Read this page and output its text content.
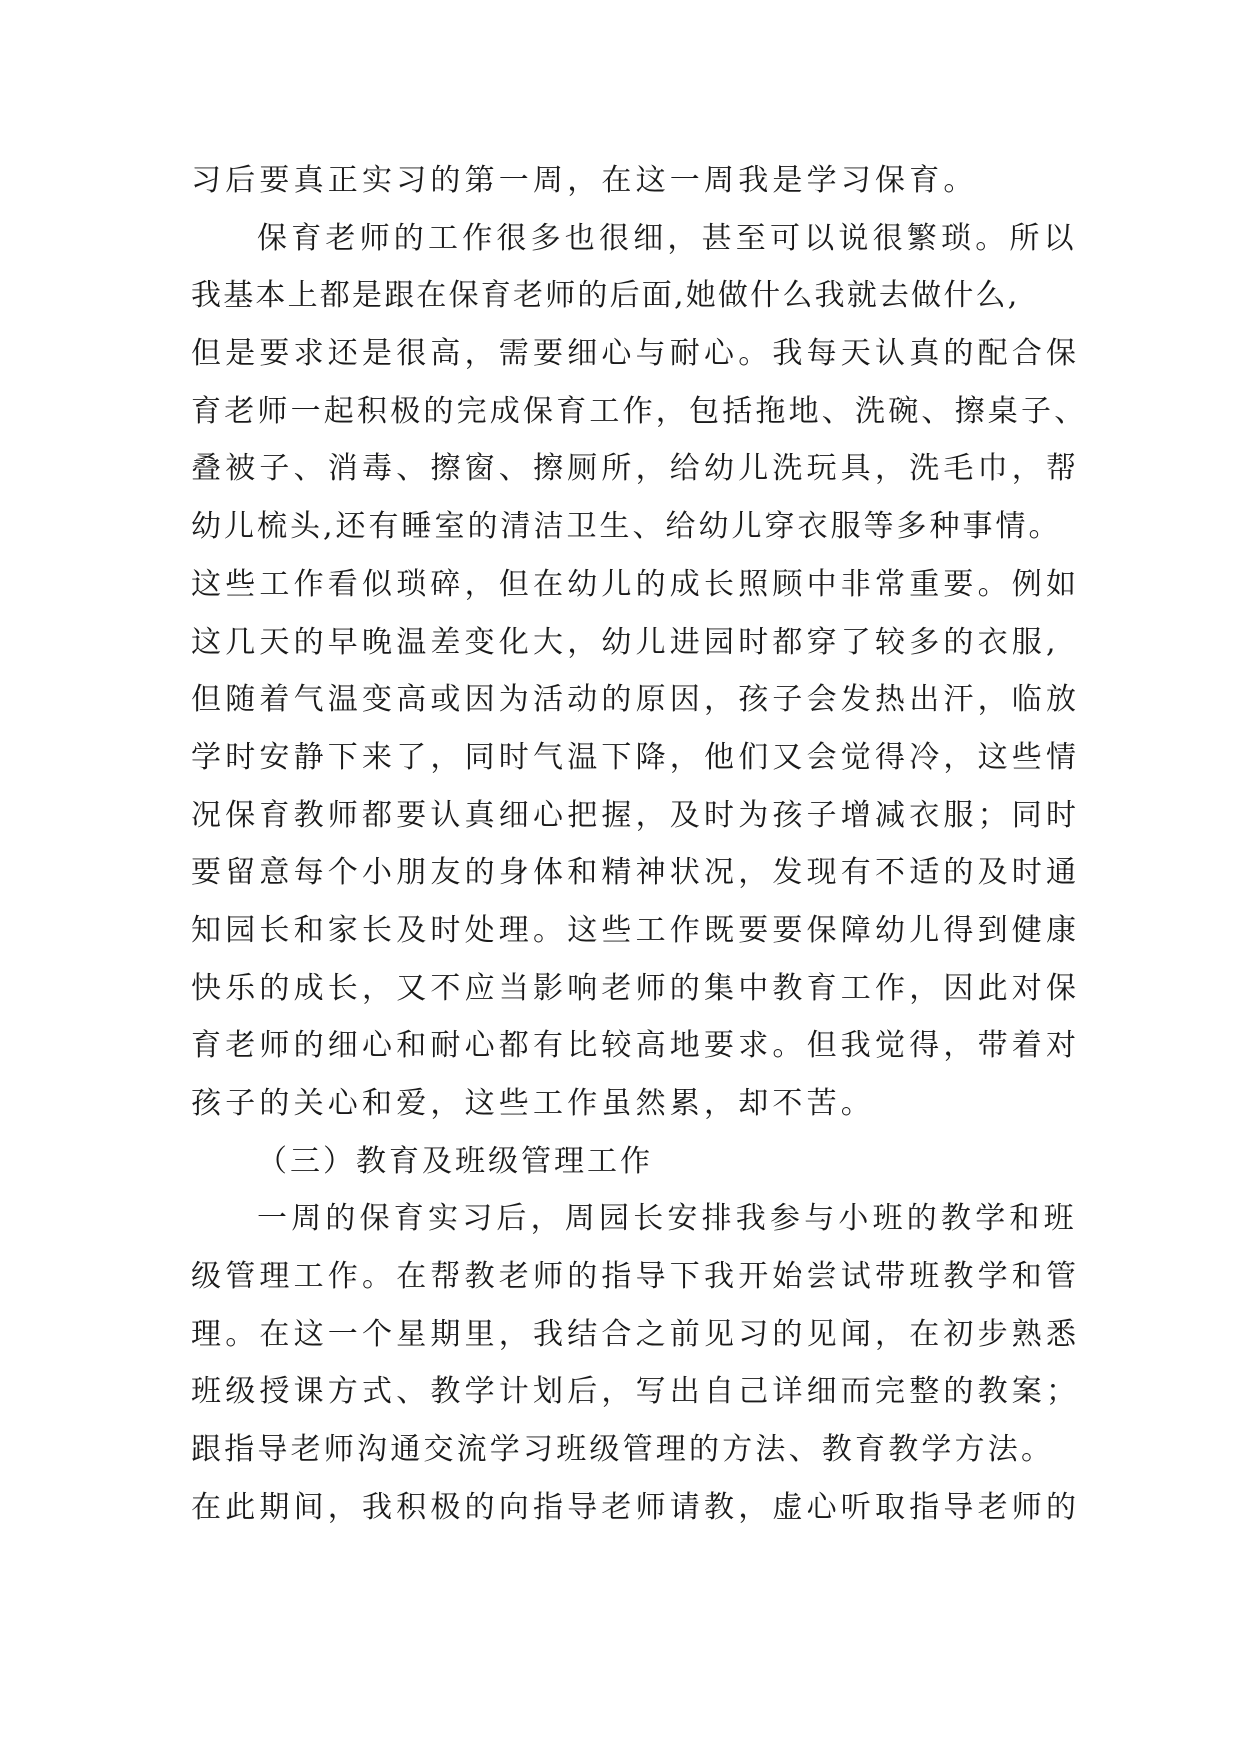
习后要真正实习的第一周，在这一周我是学习保育。
保育老师的工作很多也很细，甚至可以说很繁琐。所以
我基本上都是跟在保育老师的后面,她做什么我就去做什么,
但是要求还是很高，需要细心与耐心。我每天认真的配合保
育老师一起积极的完成保育工作，包括拖地、洗碗、擦桌子、
叠被子、消毒、擦窗、擦厕所，给幼儿洗玩具，洗毛巾，帮
幼儿梳头,还有睡室的清洁卫生、给幼儿穿衣服等多种事情。
这些工作看似琐碎，但在幼儿的成长照顾中非常重要。例如
这几天的早晚温差变化大，幼儿进园时都穿了较多的衣服,
但随着气温变高或因为活动的原因，孩子会发热出汗，临放
学时安静下来了，同时气温下降，他们又会觉得冷，这些情
况保育教师都要认真细心把握，及时为孩子增减衣服；同时
要留意每个小朋友的身体和精神状况，发现有不适的及时通
知园长和家长及时处理。这些工作既要要保障幼儿得到健康
快乐的成长，又不应当影响老师的集中教育工作，因此对保
育老师的细心和耐心都有比较高地要求。但我觉得，带着对
孩子的关心和爱，这些工作虽然累，却不苦。
（三）教育及班级管理工作
一周的保育实习后，周园长安排我参与小班的教学和班
级管理工作。在帮教老师的指导下我开始尝试带班教学和管
理。在这一个星期里，我结合之前见习的见闻，在初步熟悉
班级授课方式、教学计划后，写出自己详细而完整的教案；
跟指导老师沟通交流学习班级管理的方法、教育教学方法。
在此期间，我积极的向指导老师请教，虚心听取指导老师的
